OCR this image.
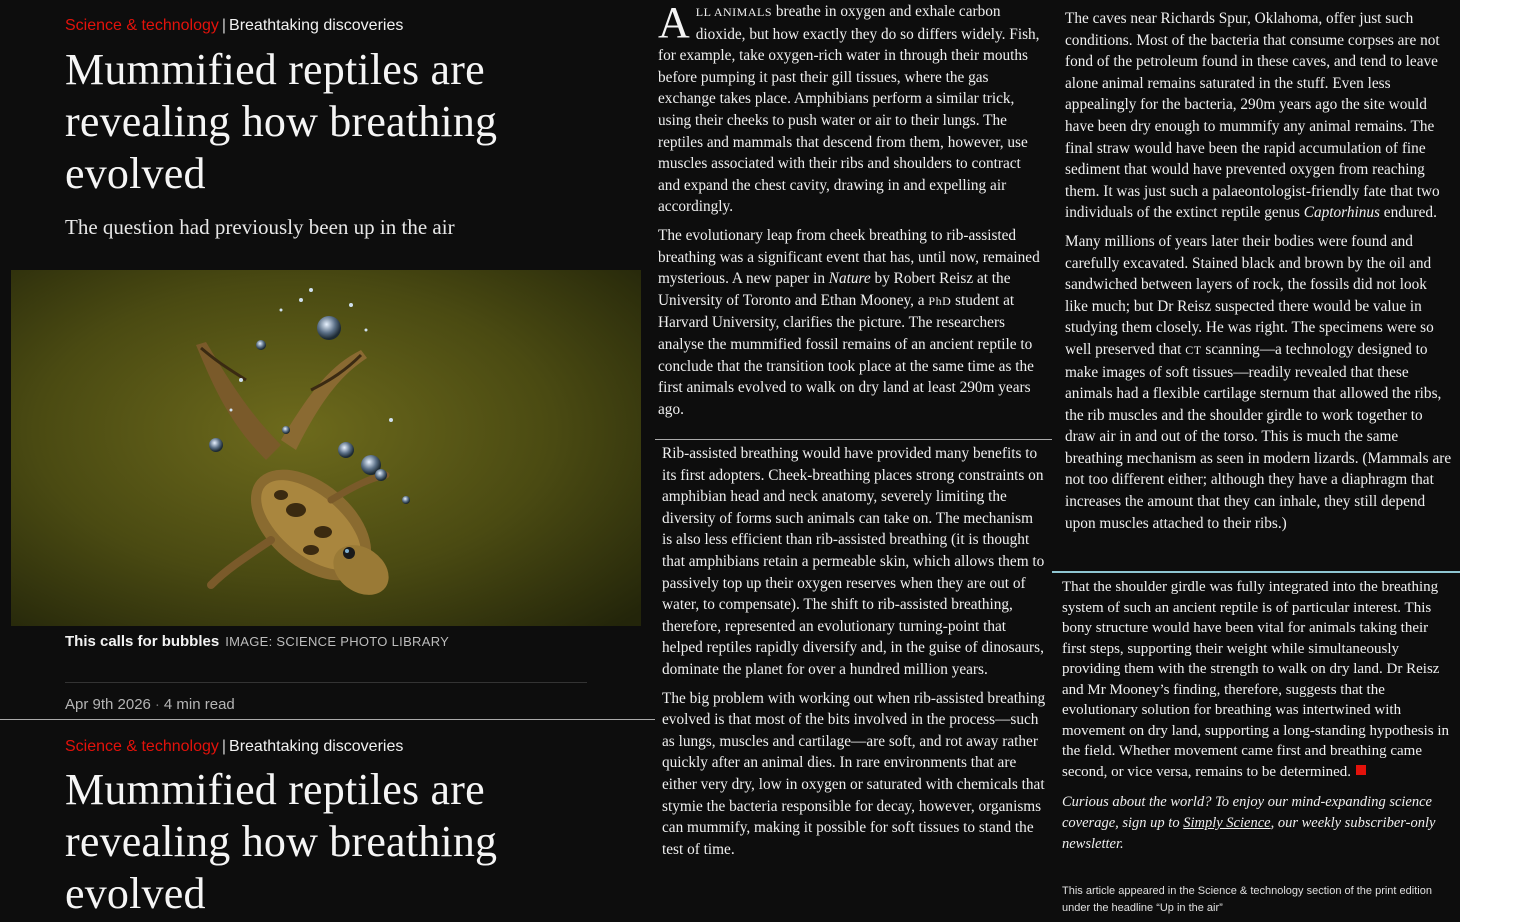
Science & technology | Breathtaking discoveries
Mummified reptiles are revealing how breathing evolved

The question had previously been up in the air

This calls for bubbles IMAGE: SCIENCE PHOTO LIBRARY
Apr 9th 2026 · 4 min read
Science & technology | Breathtaking discoveries
Mummified reptiles are revealing how breathing evolved

ALL ANIMALS breathe in oxygen and exhale carbon dioxide, but how exactly they do so differs widely. Fish, for example, take oxygen-rich water in through their mouths before pumping it past their gill tissues, where the gas exchange takes place. Amphibians perform a similar trick, using their cheeks to push water or air to their lungs. The reptiles and mammals that descend from them, however, use muscles associated with their ribs and shoulders to contract and expand the chest cavity, drawing in and expelling air accordingly.

The evolutionary leap from cheek breathing to rib-assisted breathing was a significant event that has, until now, remained mysterious. A new paper in Nature by Robert Reisz at the University of Toronto and Ethan Mooney, a PhD student at Harvard University, clarifies the picture. The researchers analyse the mummified fossil remains of an ancient reptile to conclude that the transition took place at the same time as the first animals evolved to walk on dry land at least 290m years ago.

Rib-assisted breathing would have provided many benefits to its first adopters. Cheek-breathing places strong constraints on amphibian head and neck anatomy, severely limiting the diversity of forms such animals can take on. The mechanism is also less efficient than rib-assisted breathing (it is thought that amphibians retain a permeable skin, which allows them to passively top up their oxygen reserves when they are out of water, to compensate). The shift to rib-assisted breathing, therefore, represented an evolutionary turning-point that helped reptiles rapidly diversify and, in the guise of dinosaurs, dominate the planet for over a hundred million years.

The big problem with working out when rib-assisted breathing evolved is that most of the bits involved in the process—such as lungs, muscles and cartilage—are soft, and rot away rather quickly after an animal dies. In rare environments that are either very dry, low in oxygen or saturated with chemicals that stymie the bacteria responsible for decay, however, organisms can mummify, making it possible for soft tissues to stand the test of time.

The caves near Richards Spur, Oklahoma, offer just such conditions. Most of the bacteria that consume corpses are not fond of the petroleum found in these caves, and tend to leave alone animal remains saturated in the stuff. Even less appealingly for the bacteria, 290m years ago the site would have been dry enough to mummify any animal remains. The final straw would have been the rapid accumulation of fine sediment that would have prevented oxygen from reaching them. It was just such a palaeontologist-friendly fate that two individuals of the extinct reptile genus Captorhinus endured.

Many millions of years later their bodies were found and carefully excavated. Stained black and brown by the oil and sandwiched between layers of rock, the fossils did not look like much; but Dr Reisz suspected there would be value in studying them closely. He was right. The specimens were so well preserved that CT scanning—a technology designed to make images of soft tissues—readily revealed that these animals had a flexible cartilage sternum that allowed the ribs, the rib muscles and the shoulder girdle to work together to draw air in and out of the torso. This is much the same breathing mechanism as seen in modern lizards. (Mammals are not too different either; although they have a diaphragm that increases the amount that they can inhale, they still depend upon muscles attached to their ribs.)

That the shoulder girdle was fully integrated into the breathing system of such an ancient reptile is of particular interest. This bony structure would have been vital for animals taking their first steps, supporting their weight while simultaneously providing them with the strength to walk on dry land. Dr Reisz and Mr Mooney’s finding, therefore, suggests that the evolutionary solution for breathing was intertwined with movement on dry land, supporting a long-standing hypothesis in the field. Whether movement came first and breathing came second, or vice versa, remains to be determined.

Curious about the world? To enjoy our mind-expanding science coverage, sign up to Simply Science, our weekly subscriber-only newsletter.

This article appeared in the Science & technology section of the print edition under the headline “Up in the air”
